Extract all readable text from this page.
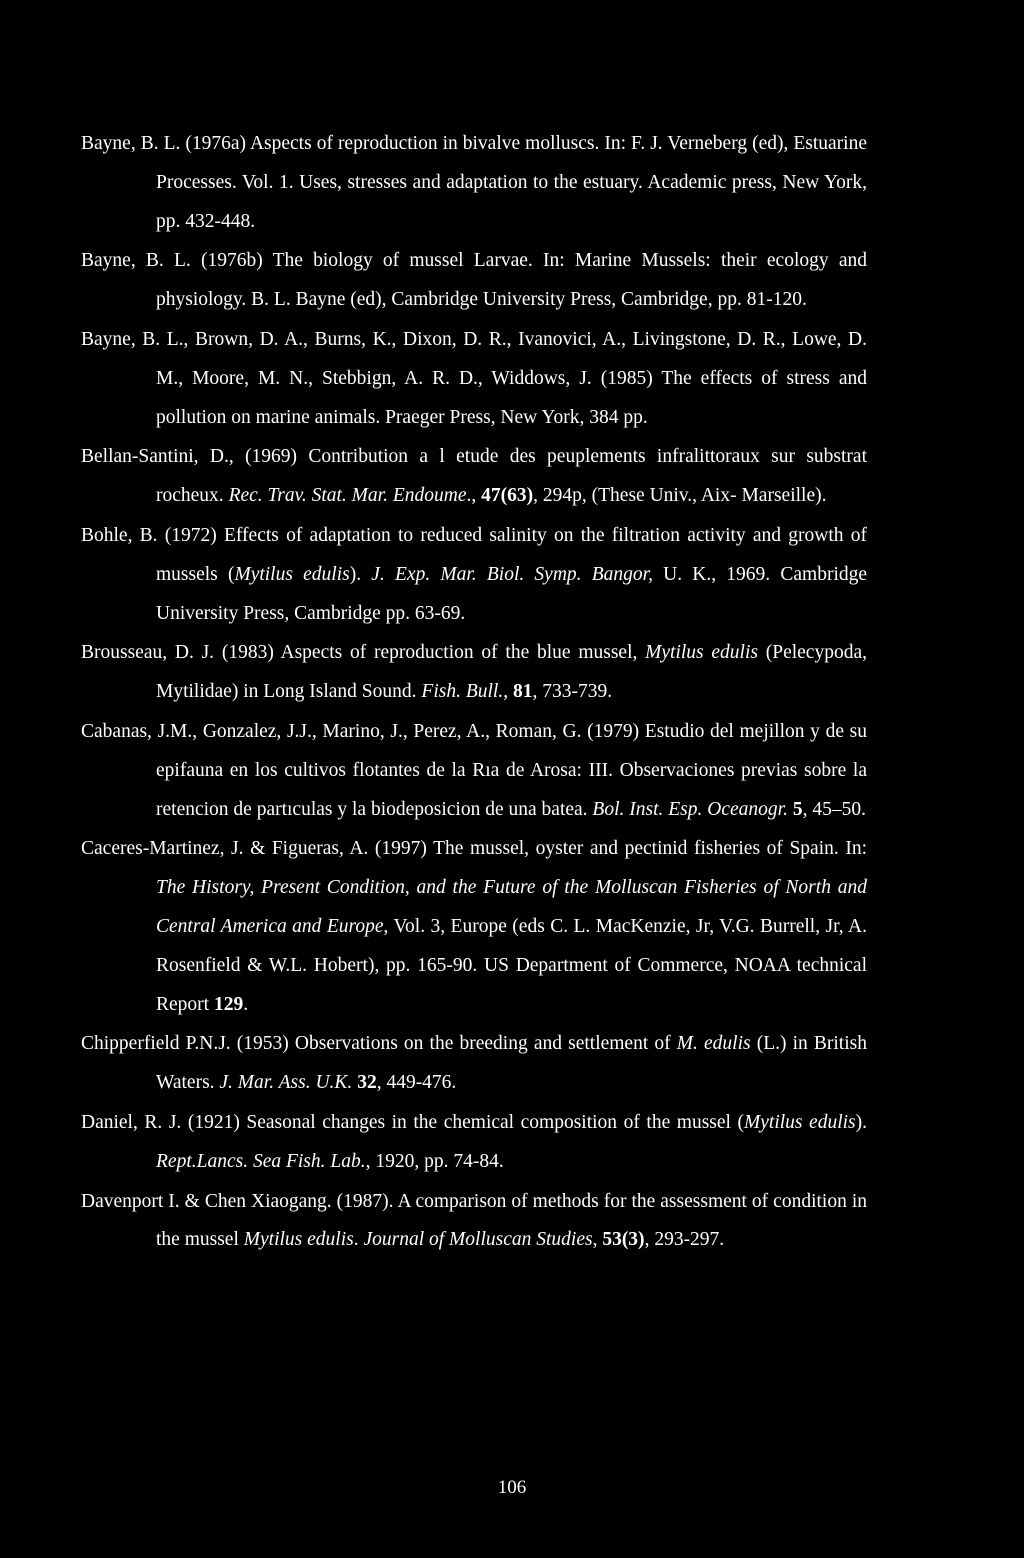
Bayne, B. L. (1976a) Aspects of reproduction in bivalve molluscs. In: F. J. Verneberg (ed), Estuarine Processes. Vol. 1. Uses, stresses and adaptation to the estuary. Academic press, New York, pp. 432-448.
Bayne, B. L. (1976b) The biology of mussel Larvae. In: Marine Mussels: their ecology and physiology. B. L. Bayne (ed), Cambridge University Press, Cambridge, pp. 81-120.
Bayne, B. L., Brown, D. A., Burns, K., Dixon, D. R., Ivanovici, A., Livingstone, D. R., Lowe, D. M., Moore, M. N., Stebbign, A. R. D., Widdows, J. (1985) The effects of stress and pollution on marine animals. Praeger Press, New York, 384 pp.
Bellan-Santini, D., (1969) Contribution a l etude des peuplements infralittoraux sur substrat rocheux. Rec. Trav. Stat. Mar. Endoume., 47(63), 294p, (These Univ., Aix- Marseille).
Bohle, B. (1972) Effects of adaptation to reduced salinity on the filtration activity and growth of mussels (Mytilus edulis). J. Exp. Mar. Biol. Symp. Bangor, U. K., 1969. Cambridge University Press, Cambridge pp. 63-69.
Brousseau, D. J. (1983) Aspects of reproduction of the blue mussel, Mytilus edulis (Pelecypoda, Mytilidae) in Long Island Sound. Fish. Bull., 81, 733-739.
Cabanas, J.M., Gonzalez, J.J., Marino, J., Perez, A., Roman, G. (1979) Estudio del mejillon y de su epifauna en los cultivos flotantes de la Rıa de Arosa: III. Observaciones previas sobre la retencion de partıculas y la biodeposicion de una batea. Bol. Inst. Esp. Oceanogr. 5, 45–50.
Caceres-Martinez, J. & Figueras, A. (1997) The mussel, oyster and pectinid fisheries of Spain. In: The History, Present Condition, and the Future of the Molluscan Fisheries of North and Central America and Europe, Vol. 3, Europe (eds C. L. MacKenzie, Jr, V.G. Burrell, Jr, A. Rosenfield & W.L. Hobert), pp. 165-90. US Department of Commerce, NOAA technical Report 129.
Chipperfield P.N.J. (1953) Observations on the breeding and settlement of M. edulis (L.) in British Waters. J. Mar. Ass. U.K. 32, 449-476.
Daniel, R. J. (1921) Seasonal changes in the chemical composition of the mussel (Mytilus edulis). Rept.Lancs. Sea Fish. Lab., 1920, pp. 74-84.
Davenport I. & Chen Xiaogang. (1987). A comparison of methods for the assessment of condition in the mussel Mytilus edulis. Journal of Molluscan Studies, 53(3), 293-297.
106
